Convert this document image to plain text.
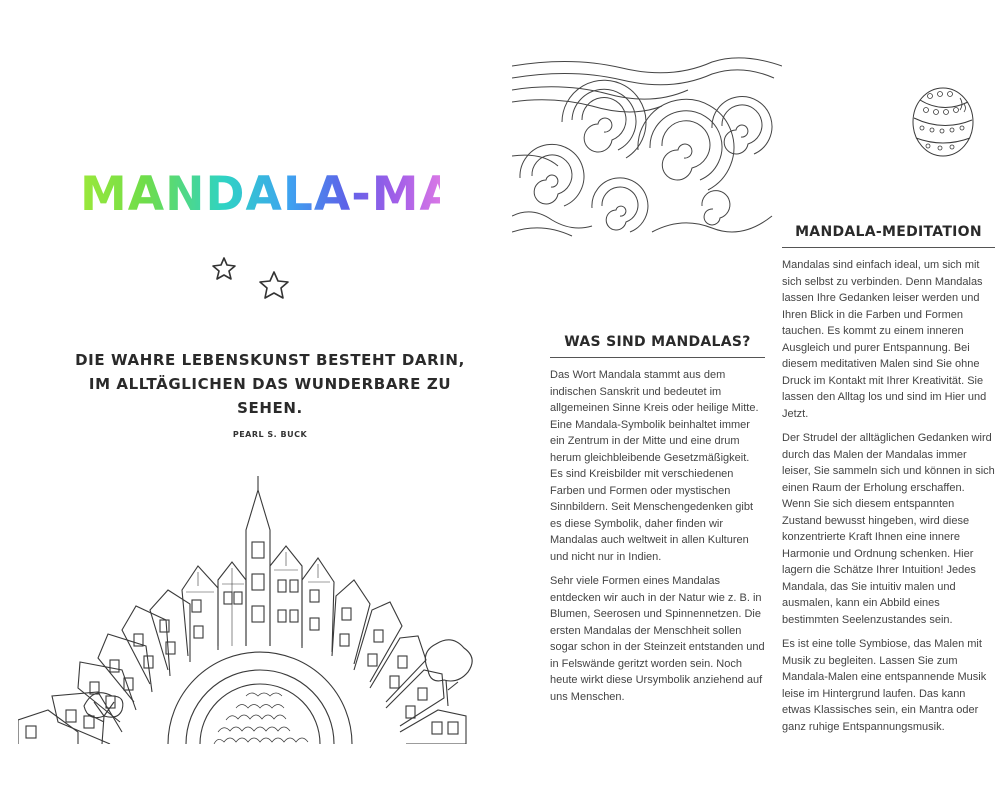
MANDALA-MALEN
DIE WAHRE LEBENSKUNST BESTEHT DARIN,
IM ALLTÄGLICHEN DAS WUNDERBARE ZU SEHEN.
PEARL S. BUCK
WAS SIND MANDALAS?

Das Wort Mandala stammt aus dem indischen Sanskrit und bedeutet im allgemeinen Sinne Kreis oder heilige Mitte. Eine Mandala-Symbolik beinhaltet immer ein Zentrum in der Mitte und eine drum herum gleichbleibende Gesetzmäßigkeit. Es sind Kreisbilder mit verschiedenen Farben und Formen oder mystischen Sinnbildern. Seit Menschengedenken gibt es diese Symbolik, daher finden wir Mandalas auch weltweit in allen Kulturen und nicht nur in Indien.

Sehr viele Formen eines Mandalas entdecken wir auch in der Natur wie z. B. in Blumen, Seerosen und Spinnennetzen. Die ersten Mandalas der Menschheit sollen sogar schon in der Steinzeit entstanden und in Felswände geritzt worden sein. Noch heute wirkt diese Ursymbolik anziehend auf uns Menschen.

MANDALA-MEDITATION

Mandalas sind einfach ideal, um sich mit sich selbst zu verbinden. Denn Mandalas lassen Ihre Gedanken leiser werden und Ihren Blick in die Farben und Formen tauchen. Es kommt zu einem inneren Ausgleich und purer Entspannung. Bei diesem meditativen Malen sind Sie ohne Druck im Kontakt mit Ihrer Kreativität. Sie lassen den Alltag los und sind im Hier und Jetzt.

Der Strudel der alltäglichen Gedanken wird durch das Malen der Mandalas immer leiser, Sie sammeln sich und können in sich einen Raum der Erholung erschaffen. Wenn Sie sich diesem entspannten Zustand bewusst hingeben, wird diese konzentrierte Kraft Ihnen eine innere Harmonie und Ordnung schenken. Hier lagern die Schätze Ihrer Intuition! Jedes Mandala, das Sie intuitiv malen und ausmalen, kann ein Abbild eines bestimmten Seelenzustandes sein.

Es ist eine tolle Symbiose, das Malen mit Musik zu begleiten. Lassen Sie zum Mandala-Malen eine entspannende Musik leise im Hintergrund laufen. Das kann etwas Klassisches sein, ein Mantra oder ganz ruhige Entspannungsmusik.
